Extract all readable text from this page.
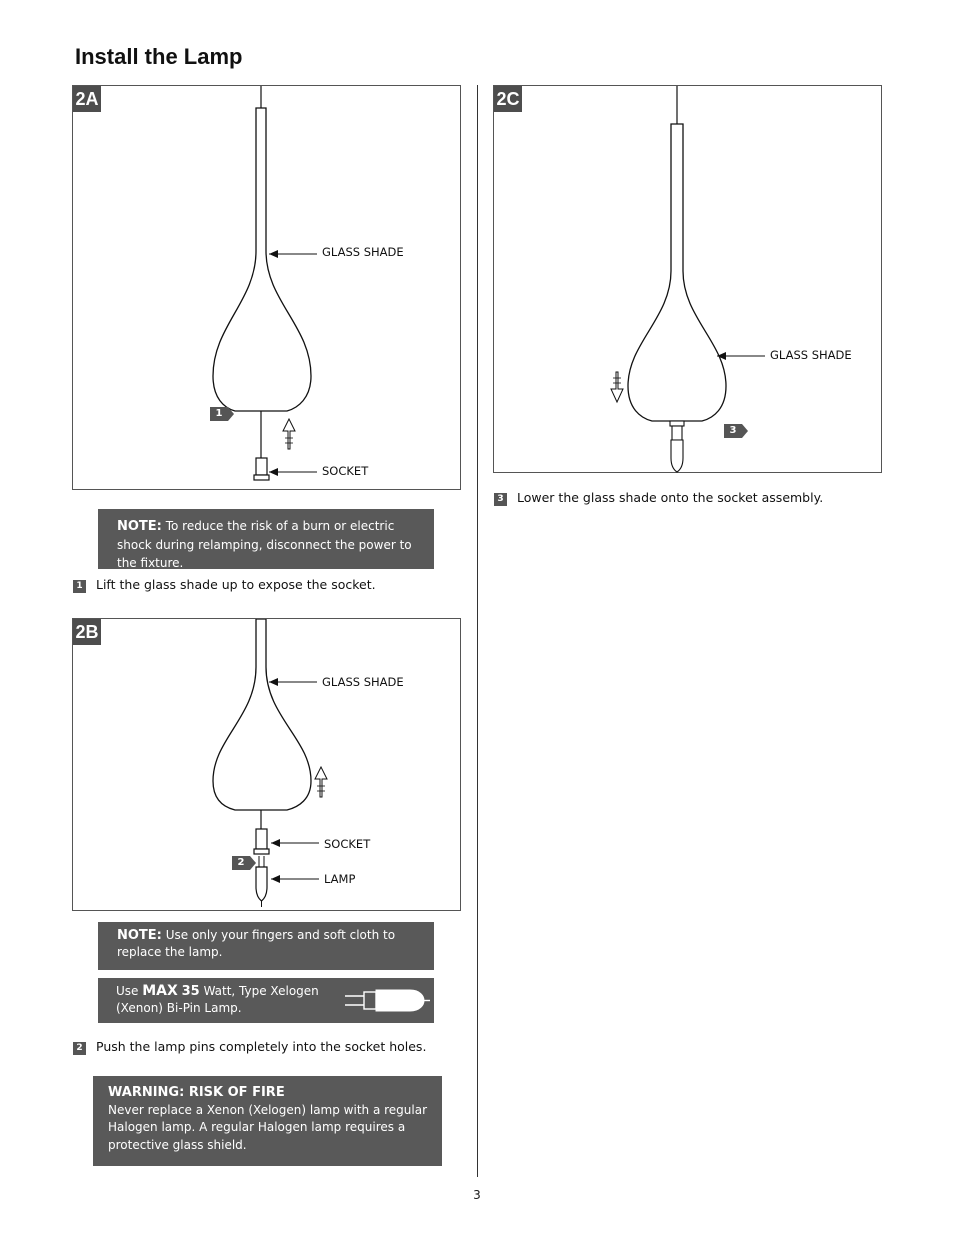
Install the Lamp
2A
GLASS SHADE
SOCKET
1
NOTE: To reduce the risk of a burn or electric shock during relamping, disconnect the power to the fixture.
1 Lift the glass shade up to expose the socket.
2B
GLASS SHADE
SOCKET
LAMP
2
NOTE: Use only your fingers and soft cloth to replace the lamp.
Use MAX 35 Watt, Type Xelogen (Xenon) Bi-Pin Lamp.
2 Push the lamp pins completely into the socket holes.
WARNING: RISK OF FIRE
Never replace a Xenon (Xelogen) lamp with a regular Halogen lamp. A regular Halogen lamp requires a protective glass shield.
2C
GLASS SHADE
3
3 Lower the glass shade onto the socket assembly.
3
